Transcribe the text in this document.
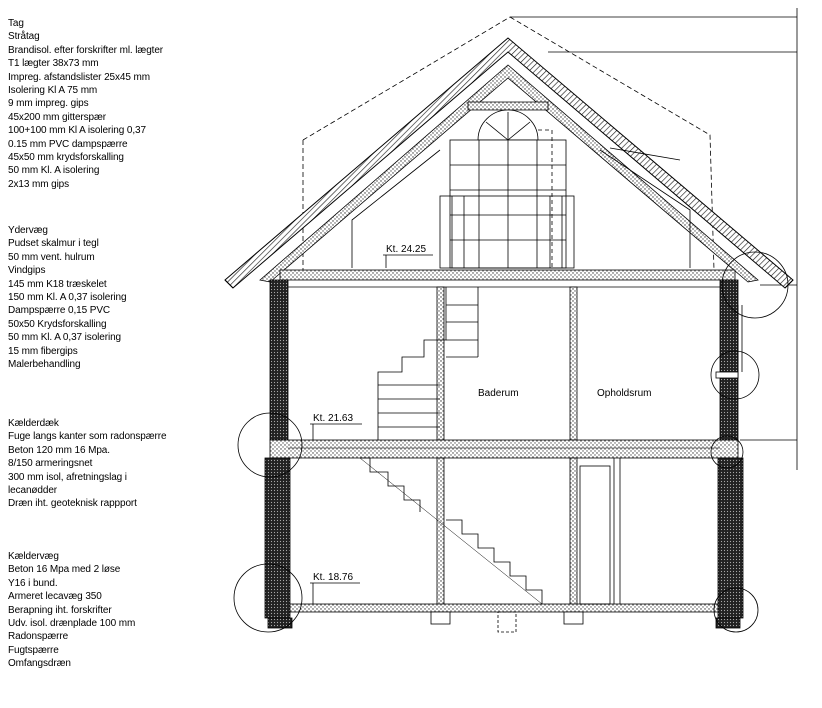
Tag
Stråtag
Brandisol. efter forskrifter ml. lægter
T1 lægter 38x73 mm
Impreg. afstandslister 25x45 mm
Isolering Kl A 75 mm
9 mm impreg. gips
45x200 mm gitterspær
100+100 mm Kl A isolering 0,37
0.15 mm PVC dampspærre
45x50 mm krydsforskalling
50 mm Kl. A isolering
2x13 mm gips
Ydervæg
Pudset skalmur i tegl
50 mm vent. hulrum
Vindgips
145 mm K18 træskelet
150 mm Kl. A 0,37 isolering
Dampspærre 0,15 PVC
50x50 Krydsforskalling
50 mm Kl. A 0,37 isolering
15 mm fibergips
Malerbehandling
Kælderdæk
Fuge langs kanter som radonspærre
Beton 120 mm 16 Mpa.
8/150 armeringsnet
300 mm isol, afretningslag i
lecanødder
Dræn iht. geoteknisk rappport
Kældervæg
Beton 16 Mpa med 2 løse
Y16 i bund.
Armeret lecavæg 350
Berapning iht. forskrifter
Udv. isol. drænplade 100 mm
Radonspærre
Fugtspærre
Omfangsdræn
Kt. 24.25
Kt. 21.63
Kt. 18.76
Baderum	Opholdsrum
